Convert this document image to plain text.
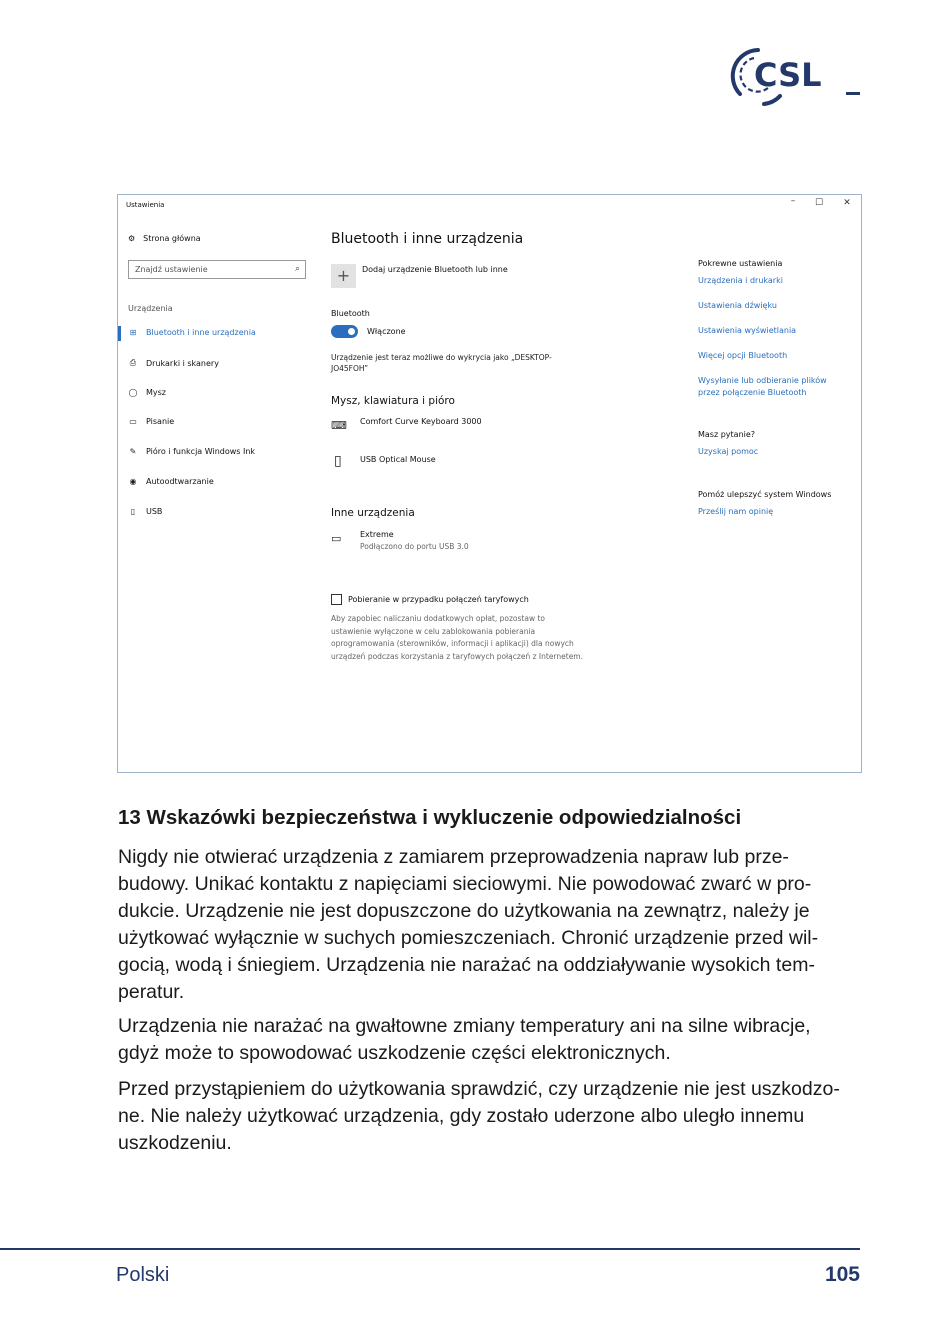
CSL
Ustawienia	–	☐	✕
⚙ Strona główna
Znajdź ustawienie	⌕
Urządzenia
⊞ Bluetooth i inne urządzenia
⎙ Drukarki i skanery
◯ Mysz
▭ Pisanie
✎ Pióro i funkcja Windows Ink
◉ Autoodtwarzanie
▯	USB
Bluetooth i inne urządzenia
+	Dodaj urządzenie Bluetooth lub inne
Bluetooth
Włączone
Urządzenie jest teraz możliwe do wykrycia jako „DESKTOP-
JO45FOH”
Mysz, klawiatura i pióro
⌨ Comfort Curve Keyboard 3000
▯ USB Optical Mouse
Inne urządzenia
▭ Extreme
Podłączono do portu USB 3.0
Pobieranie w przypadku połączeń taryfowych
Aby zapobiec naliczaniu dodatkowych opłat, pozostaw to
ustawienie wyłączone w celu zablokowania pobierania
oprogramowania (sterowników, informacji i aplikacji) dla nowych
urządzeń podczas korzystania z taryfowych połączeń z Internetem.
Pokrewne ustawienia
Urządzenia i drukarki
Ustawienia dźwięku
Ustawienia wyświetlania
Więcej opcji Bluetooth
Wysyłanie lub odbieranie plików
przez połączenie Bluetooth
Masz pytanie?
Uzyskaj pomoc
Pomóż ulepszyć system Windows
Prześlij nam opinię
13 Wskazówki bezpieczeństwa i wykluczenie odpowiedzialności
Nigdy nie otwierać urządzenia z zamiarem przeprowadzenia napraw lub prze-
budowy. Unikać kontaktu z napięciami sieciowymi. Nie powodować zwarć w pro-
dukcie. Urządzenie nie jest dopuszczone do użytkowania na zewnątrz, należy je
użytkować wyłącznie w suchych pomieszczeniach. Chronić urządzenie przed wil-
gocią, wodą i śniegiem. Urządzenia nie narażać na oddziaływanie wysokich tem-
peratur.
Urządzenia nie narażać na gwałtowne zmiany temperatury ani na silne wibracje,
gdyż może to spowodować uszkodzenie części elektronicznych.
Przed przystąpieniem do użytkowania sprawdzić, czy urządzenie nie jest uszkodzo-
ne. Nie należy użytkować urządzenia, gdy zostało uderzone albo uległo innemu
uszkodzeniu.
Polski	105
